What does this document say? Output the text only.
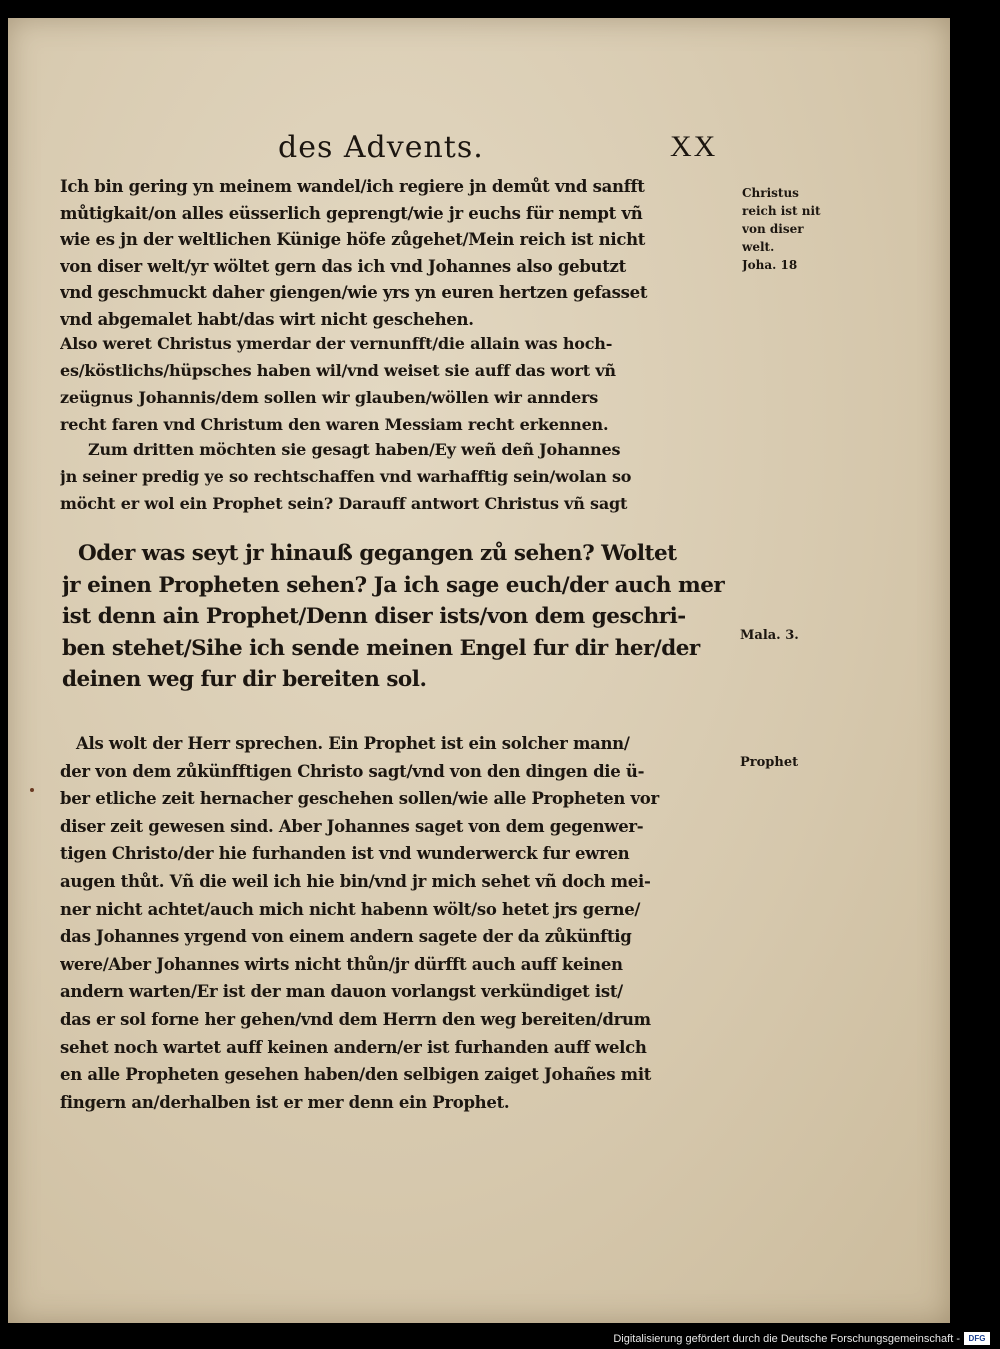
des Advents.	XX
Ich bin gering yn meinem wandel/ich regiere jn demůt vnd sanfft
můtigkait/on alles eüsserlich geprengt/wie jr euchs für nempt vñ
wie es jn der weltlichen Künige höfe zůgehet/Mein reich ist nicht
von diser welt/yr wöltet gern das ich vnd Johannes also gebutzt
vnd geschmuckt daher giengen/wie yrs yn euren hertzen gefasset
vnd abgemalet habt/das wirt nicht geschehen.
Also weret Christus ymerdar der vernunfft/die allain was hoch-
es/köstlichs/hüpsches haben wil/vnd weiset sie auff das wort vñ
zeügnus Johannis/dem sollen wir glauben/wöllen wir annders
recht faren vnd Christum den waren Messiam recht erkennen.
Zum dritten möchten sie gesagt haben/Ey weñ deñ Johannes
jn seiner predig ye so rechtschaffen vnd warhafftig sein/wolan so
möcht er wol ein Prophet sein? Darauff antwort Christus vñ sagt
Oder was seyt jr hinauß gegangen zů sehen? Woltet
jr einen Propheten sehen? Ja ich sage euch/der auch mer
ist denn ain Prophet/Denn diser ists/von dem geschri-
ben stehet/Sihe ich sende meinen Engel fur dir her/der
deinen weg fur dir bereiten sol.
Als wolt der Herr sprechen. Ein Prophet ist ein solcher mann/
der von dem zůkünfftigen Christo sagt/vnd von den dingen die ü-
ber etliche zeit hernacher geschehen sollen/wie alle Propheten vor
diser zeit gewesen sind. Aber Johannes saget von dem gegenwer-
tigen Christo/der hie furhanden ist vnd wunderwerck fur ewren
augen thůt. Vñ die weil ich hie bin/vnd jr mich sehet vñ doch mei-
ner nicht achtet/auch mich nicht habenn wölt/so hetet jrs gerne/
das Johannes yrgend von einem andern sagete der da zůkünftig
were/Aber Johannes wirts nicht thůn/jr dürfft auch auff keinen
andern warten/Er ist der man dauon vorlangst verkündiget ist/
das er sol forne her gehen/vnd dem Herrn den weg bereiten/drum
sehet noch wartet auff keinen andern/er ist furhanden auff welch
en alle Propheten gesehen haben/den selbigen zaiget Johañes mit
fingern an/derhalben ist er mer denn ein Prophet.
Christus
reich ist nit
von diser
welt.
Joha. 18
Mala. 3.
Prophet
Digitalisierung gefördert durch die Deutsche Forschungsgemeinschaft -	DFG
